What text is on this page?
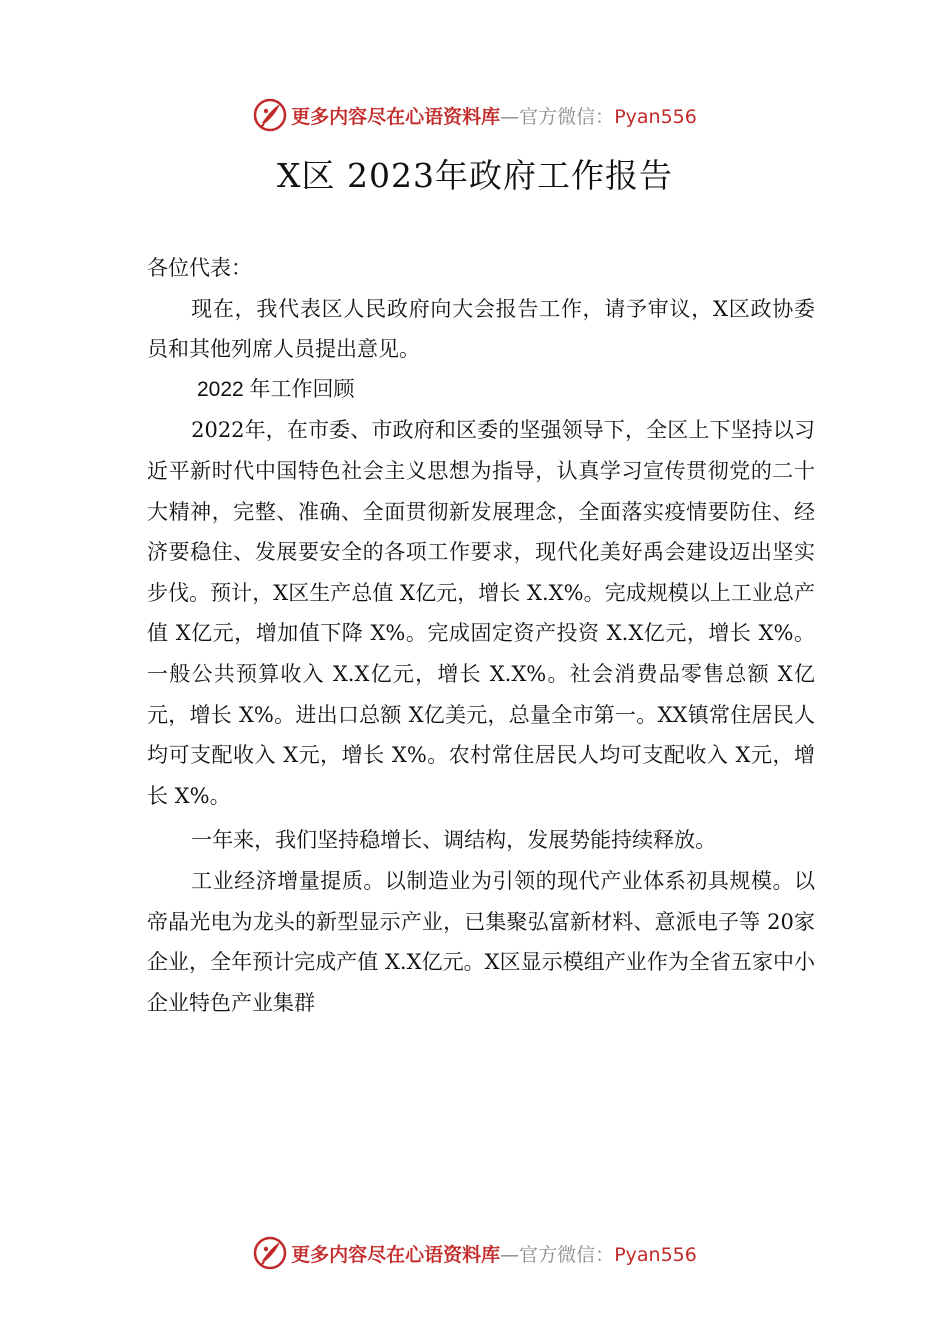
更多内容尽在心语资料库—官方微信：Pyan556
X区 2023年政府工作报告

各位代表：

现在，我代表区人民政府向大会报告工作，请予审议，X区政协委员和其他列席人员提出意见。

2022 年工作回顾

2022年，在市委、市政府和区委的坚强领导下，全区上下坚持以习近平新时代中国特色社会主义思想为指导，认真学习宣传贯彻党的二十大精神，完整、准确、全面贯彻新发展理念，全面落实疫情要防住、经济要稳住、发展要安全的各项工作要求，现代化美好禹会建设迈出坚实步伐。预计，X区生产总值 X亿元，增长 X.X%。完成规模以上工业总产值 X亿元，增加值下降 X%。完成固定资产投资 X.X亿元，增长 X%。一般公共预算收入 X.X亿元，增长 X.X%。社会消费品零售总额 X亿元，增长 X%。进出口总额 X亿美元，总量全市第一。XX镇常住居民人均可支配收入 X元，增长 X%。农村常住居民人均可支配收入 X元，增长 X%。

一年来，我们坚持稳增长、调结构，发展势能持续释放。

工业经济增量提质。以制造业为引领的现代产业体系初具规模。以帝晶光电为龙头的新型显示产业，已集聚弘富新材料、意派电子等 20家企业，全年预计完成产值 X.X亿元。X区显示模组产业作为全省五家中小企业特色产业集群

更多内容尽在心语资料库—官方微信：Pyan556
